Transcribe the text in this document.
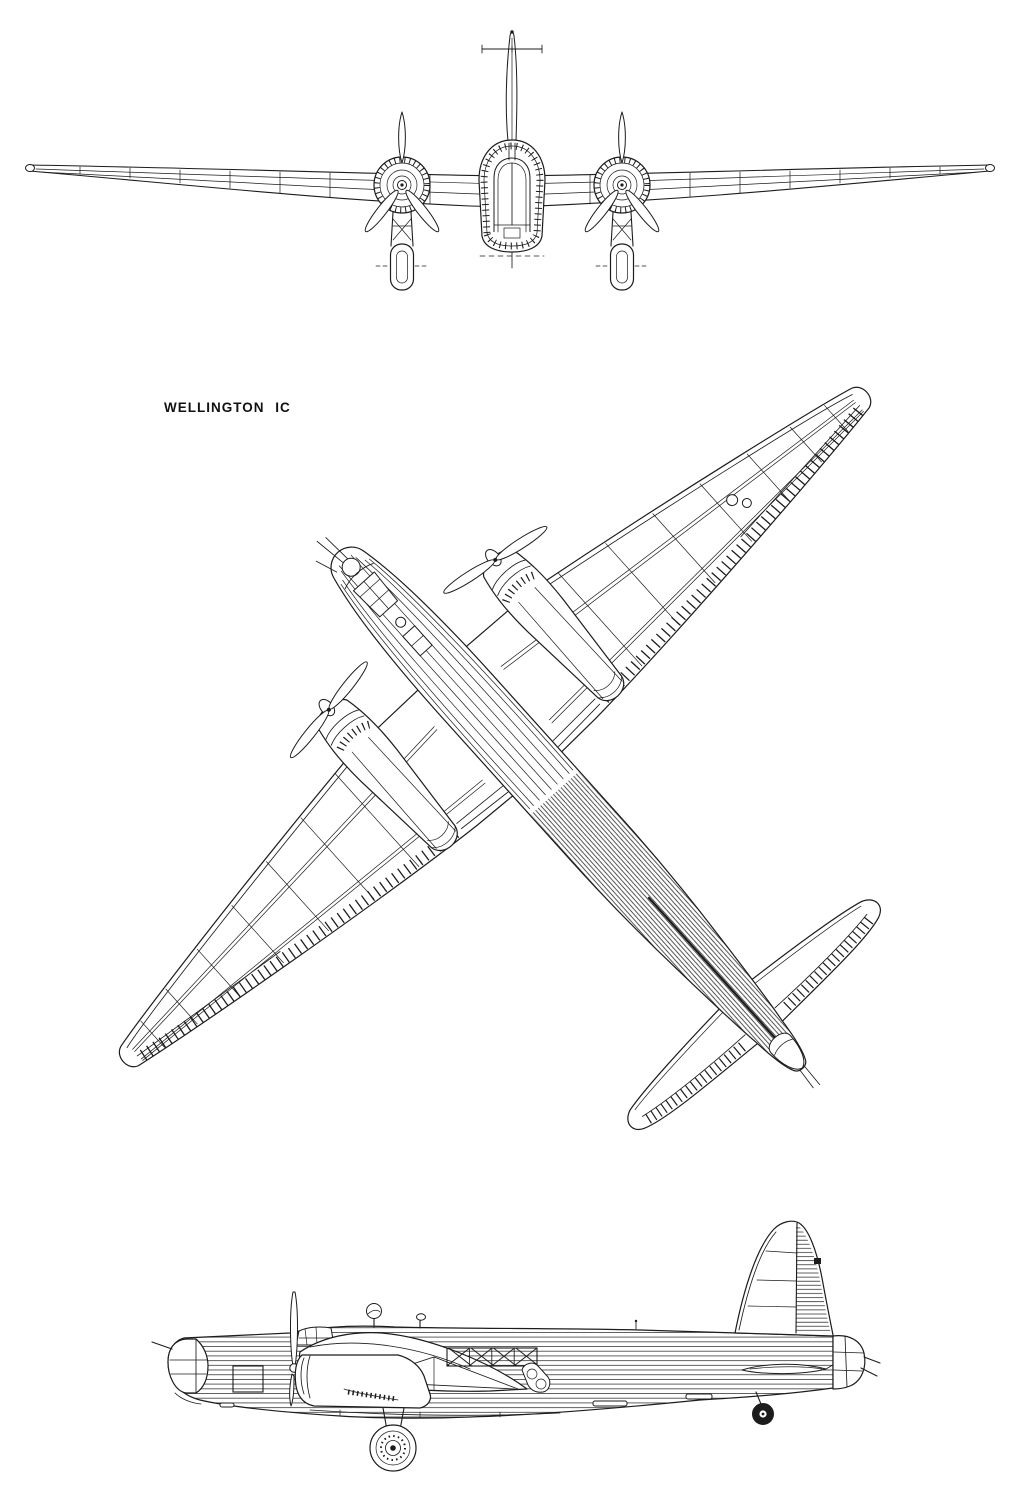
WELLINGTON IC
